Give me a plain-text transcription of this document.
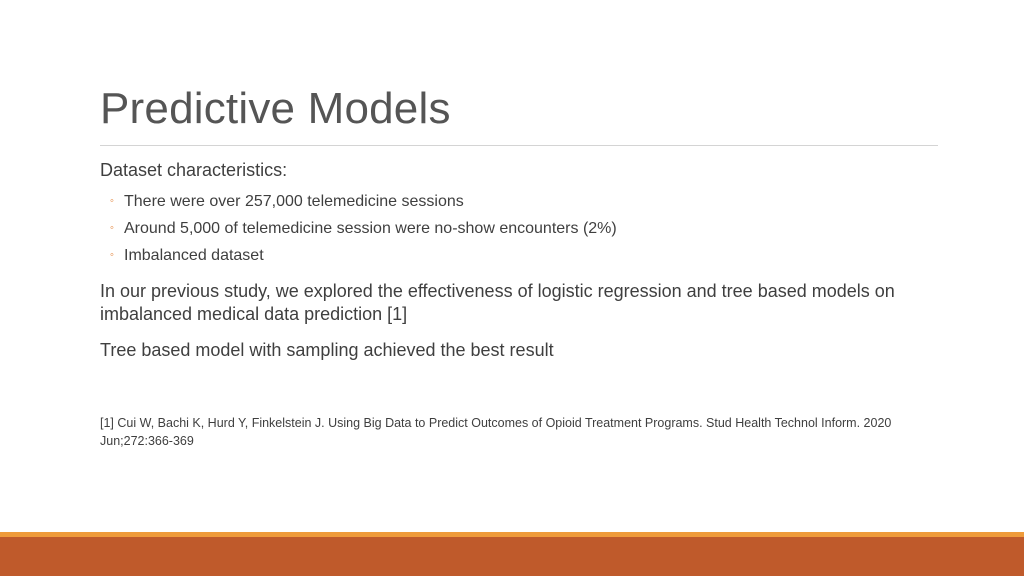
Predictive Models

Dataset characteristics:

◦ There were over 257,000 telemedicine sessions
◦ Around 5,000 of telemedicine session were no-show encounters (2%)
◦ Imbalanced dataset

In our previous study, we explored the effectiveness of logistic regression and tree based models on imbalanced medical data prediction [1]

Tree based model with sampling achieved the best result

[1] Cui W, Bachi K, Hurd Y, Finkelstein J. Using Big Data to Predict Outcomes of Opioid Treatment Programs. Stud Health Technol Inform. 2020 Jun;272:366-369
